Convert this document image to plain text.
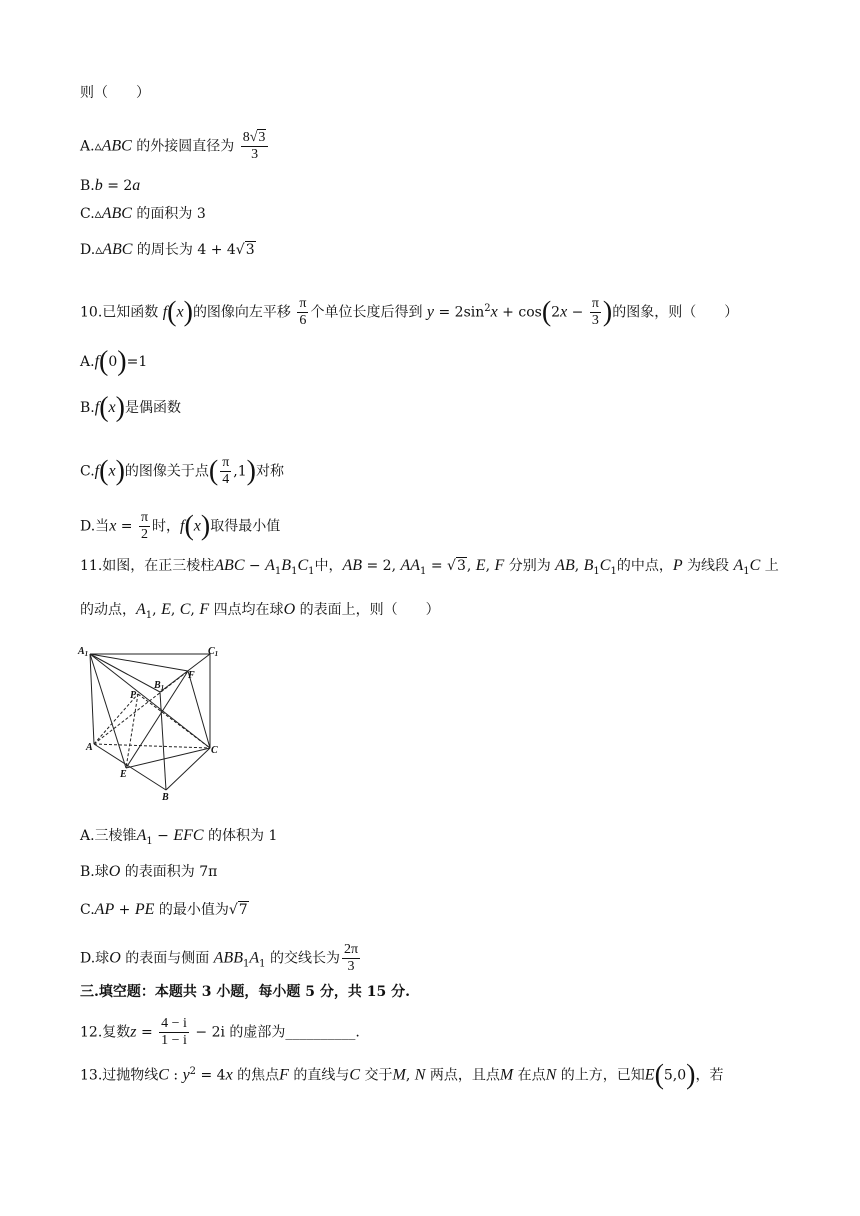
则（　　）
A.▵ABC 的外接圆直径为 $\frac{8√3}{3}$
B.b = 2a
C.▵ABC 的面积为 3
D.▵ABC 的周长为 4 + 4√3
10.已知函数 f(x)的图像向左平移 $\frac{\pi}{6}$ 个单位长度后得到 $y = 2\sin^2x + \cos(2x - \frac{\pi}{3}$ )的图象，则（　　）
A.f(0)=1
B.f(x)是偶函数
C.f(x)的图像关于点( $\frac{\pi}{4} ,1$)对称
D.当$x = \frac{\pi}{2}$ 时，f(x)取得最小值
11.如图，在正三棱柱ABC − $A_1B_1C_1$中，AB = 2, $AA_1 = √3$, E, F 分别为 AB, $B_1C_1$的中点，P 为线段 $A_1C$ 上
的动点，$A_1$, E, C, F 四点均在球O 的表面上，则（　　）
$A_1$	$C_1$
$B_1$
F
P
A	C
E
B
A.三棱锥$A_1$ − EFC 的体积为 1
B.球O 的表面积为 7π
C.AP + PE 的最小值为√7
D.球O 的表面与侧面 $ABB_1A_1$ 的交线长为 $\frac{2\pi}{3}$
三.填空题：本题共 3 小题，每小题 5 分，共 15 分.
12.复数$z = \frac{4 - i}{1 - i} - 2i$ 的虚部为__________.
13.过抛物线C : $y^2 = 4x$ 的焦点F 的直线与C 交于M, N 两点，且点M 在点N 的上方，已知E(5,0)，若
